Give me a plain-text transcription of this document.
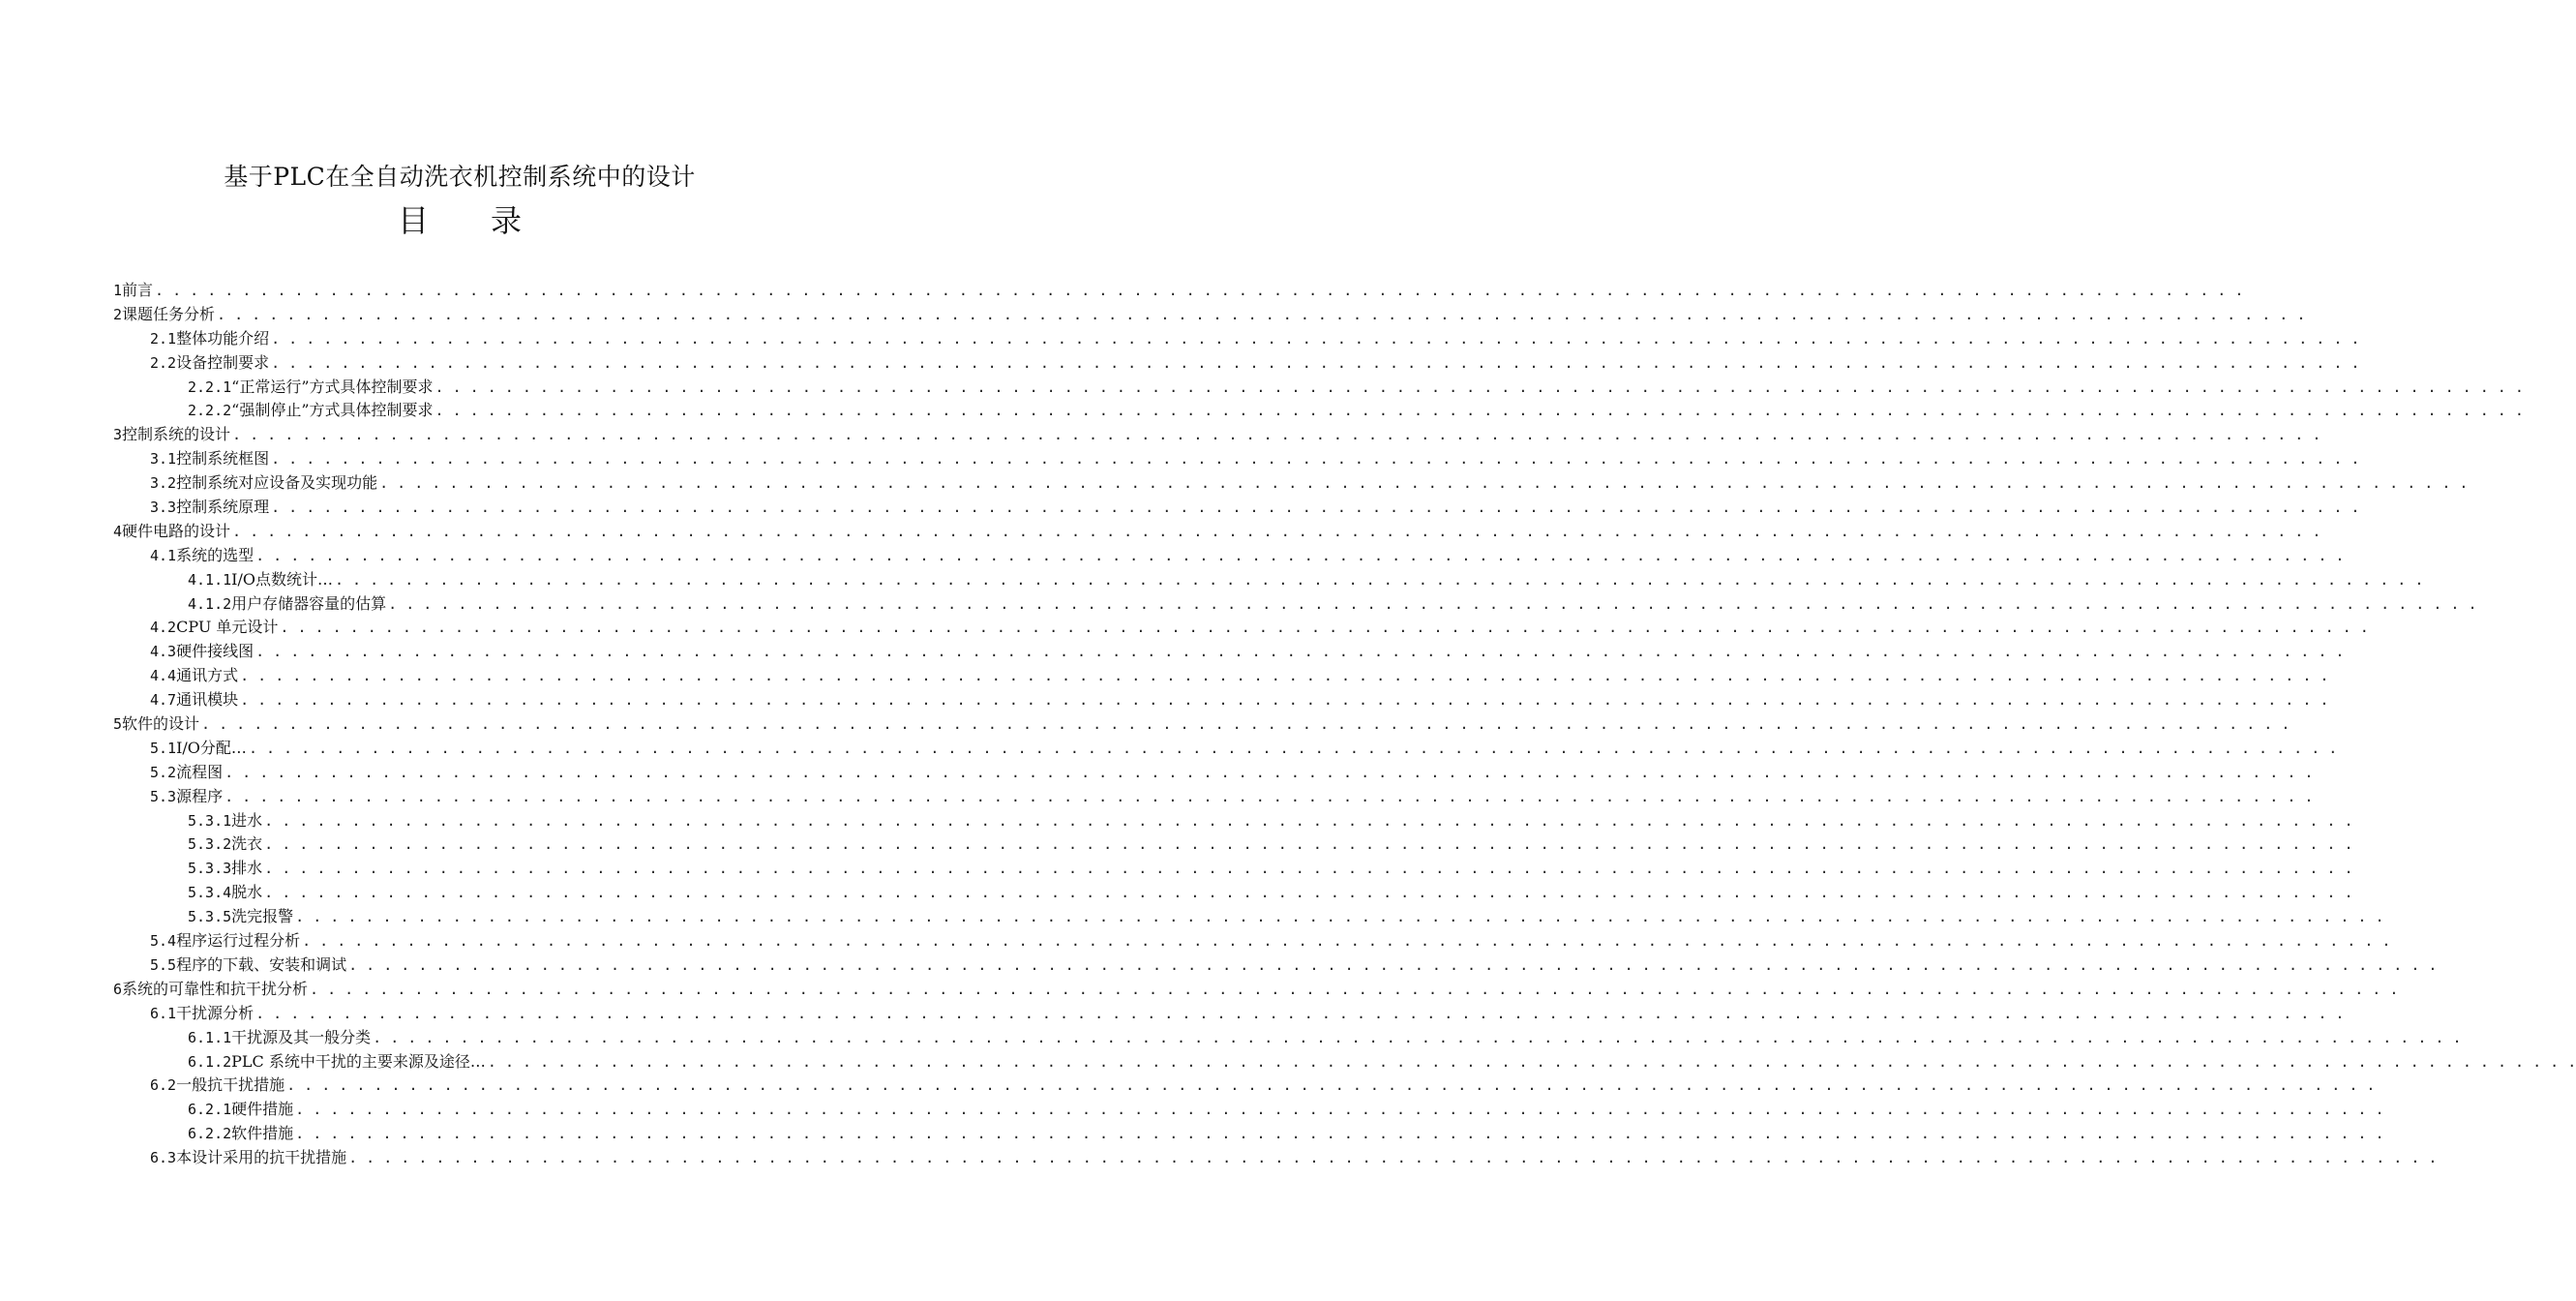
基于PLC在全自动洗衣机控制系统中的设计
目 录
1 前言 . . . . . . . . . . . . . . . . . . . . . . . . . . . . . . . . . . . . . . . . . . . . . . . . . . . . . . . . . . . . . . . . . . . . . . . . . . . . . . . . . . . . . . . . . . . . . . . . . . . . . . . . . . . . . . . . . . . . . . . .
2 课题任务分析 . . . . . . . . . . . . . . . . . . . . . . . . . . . . . . . . . . . . . . . . . . . . . . . . . . . . . . . . . . . . . . . . . . . . . . . . . . . . . . . . . . . . . . . . . . . . . . . . . . . . . . . . . . . . . . . . . . . . . . . .
2.1 整体功能介绍 . . . . . . . . . . . . . . . . . . . . . . . . . . . . . . . . . . . . . . . . . . . . . . . . . . . . . . . . . . . . . . . . . . . . . . . . . . . . . . . . . . . . . . . . . . . . . . . . . . . . . . . . . . . . . . . . . . . . . . . .
2.2 设备控制要求 . . . . . . . . . . . . . . . . . . . . . . . . . . . . . . . . . . . . . . . . . . . . . . . . . . . . . . . . . . . . . . . . . . . . . . . . . . . . . . . . . . . . . . . . . . . . . . . . . . . . . . . . . . . . . . . . . . . . . . . .
2.2.1 “正常运行”方式具体控制要求 . . . . . . . . . . . . . . . . . . . . . . . . . . . . . . . . . . . . . . . . . . . . . . . . . . . . . . . . . . . . . . . . . . . . . . . . . . . . . . . . . . . . . . . . . . . . . . . . . . . . . . . . . . . . . . . . . . . . . . . .
2.2.2 “强制停止”方式具体控制要求 . . . . . . . . . . . . . . . . . . . . . . . . . . . . . . . . . . . . . . . . . . . . . . . . . . . . . . . . . . . . . . . . . . . . . . . . . . . . . . . . . . . . . . . . . . . . . . . . . . . . . . . . . . . . . . . . . . . . . . . .
3 控制系统的设计 . . . . . . . . . . . . . . . . . . . . . . . . . . . . . . . . . . . . . . . . . . . . . . . . . . . . . . . . . . . . . . . . . . . . . . . . . . . . . . . . . . . . . . . . . . . . . . . . . . . . . . . . . . . . . . . . . . . . . . . .
3.1 控制系统框图 . . . . . . . . . . . . . . . . . . . . . . . . . . . . . . . . . . . . . . . . . . . . . . . . . . . . . . . . . . . . . . . . . . . . . . . . . . . . . . . . . . . . . . . . . . . . . . . . . . . . . . . . . . . . . . . . . . . . . . . .
3.2 控制系统对应设备及实现功能 . . . . . . . . . . . . . . . . . . . . . . . . . . . . . . . . . . . . . . . . . . . . . . . . . . . . . . . . . . . . . . . . . . . . . . . . . . . . . . . . . . . . . . . . . . . . . . . . . . . . . . . . . . . . . . . . . . . . . . . .
3.3 控制系统原理 . . . . . . . . . . . . . . . . . . . . . . . . . . . . . . . . . . . . . . . . . . . . . . . . . . . . . . . . . . . . . . . . . . . . . . . . . . . . . . . . . . . . . . . . . . . . . . . . . . . . . . . . . . . . . . . . . . . . . . . .
4 硬件电路的设计 . . . . . . . . . . . . . . . . . . . . . . . . . . . . . . . . . . . . . . . . . . . . . . . . . . . . . . . . . . . . . . . . . . . . . . . . . . . . . . . . . . . . . . . . . . . . . . . . . . . . . . . . . . . . . . . . . . . . . . . .
4.1 系统的选型 . . . . . . . . . . . . . . . . . . . . . . . . . . . . . . . . . . . . . . . . . . . . . . . . . . . . . . . . . . . . . . . . . . . . . . . . . . . . . . . . . . . . . . . . . . . . . . . . . . . . . . . . . . . . . . . . . . . . . . . .
4.1.1 I/O点数统计… . . . . . . . . . . . . . . . . . . . . . . . . . . . . . . . . . . . . . . . . . . . . . . . . . . . . . . . . . . . . . . . . . . . . . . . . . . . . . . . . . . . . . . . . . . . . . . . . . . . . . . . . . . . . . . . . . . . . . . . .
4.1.2 用户存储器容量的估算 . . . . . . . . . . . . . . . . . . . . . . . . . . . . . . . . . . . . . . . . . . . . . . . . . . . . . . . . . . . . . . . . . . . . . . . . . . . . . . . . . . . . . . . . . . . . . . . . . . . . . . . . . . . . . . . . . . . . . . . .
4.2 CPU 单元设计 . . . . . . . . . . . . . . . . . . . . . . . . . . . . . . . . . . . . . . . . . . . . . . . . . . . . . . . . . . . . . . . . . . . . . . . . . . . . . . . . . . . . . . . . . . . . . . . . . . . . . . . . . . . . . . . . . . . . . . . .
4.3 硬件接线图 . . . . . . . . . . . . . . . . . . . . . . . . . . . . . . . . . . . . . . . . . . . . . . . . . . . . . . . . . . . . . . . . . . . . . . . . . . . . . . . . . . . . . . . . . . . . . . . . . . . . . . . . . . . . . . . . . . . . . . . .
4.4 通讯方式 . . . . . . . . . . . . . . . . . . . . . . . . . . . . . . . . . . . . . . . . . . . . . . . . . . . . . . . . . . . . . . . . . . . . . . . . . . . . . . . . . . . . . . . . . . . . . . . . . . . . . . . . . . . . . . . . . . . . . . . .
4.7 通讯模块 . . . . . . . . . . . . . . . . . . . . . . . . . . . . . . . . . . . . . . . . . . . . . . . . . . . . . . . . . . . . . . . . . . . . . . . . . . . . . . . . . . . . . . . . . . . . . . . . . . . . . . . . . . . . . . . . . . . . . . . .
5 软件的设计 . . . . . . . . . . . . . . . . . . . . . . . . . . . . . . . . . . . . . . . . . . . . . . . . . . . . . . . . . . . . . . . . . . . . . . . . . . . . . . . . . . . . . . . . . . . . . . . . . . . . . . . . . . . . . . . . . . . . . . . .
5.1 I/O分配… . . . . . . . . . . . . . . . . . . . . . . . . . . . . . . . . . . . . . . . . . . . . . . . . . . . . . . . . . . . . . . . . . . . . . . . . . . . . . . . . . . . . . . . . . . . . . . . . . . . . . . . . . . . . . . . . . . . . . . . .
5.2 流程图 . . . . . . . . . . . . . . . . . . . . . . . . . . . . . . . . . . . . . . . . . . . . . . . . . . . . . . . . . . . . . . . . . . . . . . . . . . . . . . . . . . . . . . . . . . . . . . . . . . . . . . . . . . . . . . . . . . . . . . . .
5.3 源程序 . . . . . . . . . . . . . . . . . . . . . . . . . . . . . . . . . . . . . . . . . . . . . . . . . . . . . . . . . . . . . . . . . . . . . . . . . . . . . . . . . . . . . . . . . . . . . . . . . . . . . . . . . . . . . . . . . . . . . . . .
5.3.1 进水 . . . . . . . . . . . . . . . . . . . . . . . . . . . . . . . . . . . . . . . . . . . . . . . . . . . . . . . . . . . . . . . . . . . . . . . . . . . . . . . . . . . . . . . . . . . . . . . . . . . . . . . . . . . . . . . . . . . . . . . .
5.3.2 洗衣 . . . . . . . . . . . . . . . . . . . . . . . . . . . . . . . . . . . . . . . . . . . . . . . . . . . . . . . . . . . . . . . . . . . . . . . . . . . . . . . . . . . . . . . . . . . . . . . . . . . . . . . . . . . . . . . . . . . . . . . .
5.3.3 排水 . . . . . . . . . . . . . . . . . . . . . . . . . . . . . . . . . . . . . . . . . . . . . . . . . . . . . . . . . . . . . . . . . . . . . . . . . . . . . . . . . . . . . . . . . . . . . . . . . . . . . . . . . . . . . . . . . . . . . . . .
5.3.4 脱水 . . . . . . . . . . . . . . . . . . . . . . . . . . . . . . . . . . . . . . . . . . . . . . . . . . . . . . . . . . . . . . . . . . . . . . . . . . . . . . . . . . . . . . . . . . . . . . . . . . . . . . . . . . . . . . . . . . . . . . . .
5.3.5 洗完报警 . . . . . . . . . . . . . . . . . . . . . . . . . . . . . . . . . . . . . . . . . . . . . . . . . . . . . . . . . . . . . . . . . . . . . . . . . . . . . . . . . . . . . . . . . . . . . . . . . . . . . . . . . . . . . . . . . . . . . . . .
5.4 程序运行过程分析 . . . . . . . . . . . . . . . . . . . . . . . . . . . . . . . . . . . . . . . . . . . . . . . . . . . . . . . . . . . . . . . . . . . . . . . . . . . . . . . . . . . . . . . . . . . . . . . . . . . . . . . . . . . . . . . . . . . . . . . .
5.5 程序的下载、安装和调试 . . . . . . . . . . . . . . . . . . . . . . . . . . . . . . . . . . . . . . . . . . . . . . . . . . . . . . . . . . . . . . . . . . . . . . . . . . . . . . . . . . . . . . . . . . . . . . . . . . . . . . . . . . . . . . . . . . . . . . . .
6 系统的可靠性和抗干扰分析 . . . . . . . . . . . . . . . . . . . . . . . . . . . . . . . . . . . . . . . . . . . . . . . . . . . . . . . . . . . . . . . . . . . . . . . . . . . . . . . . . . . . . . . . . . . . . . . . . . . . . . . . . . . . . . . . . . . . . . . .
6.1 干扰源分析 . . . . . . . . . . . . . . . . . . . . . . . . . . . . . . . . . . . . . . . . . . . . . . . . . . . . . . . . . . . . . . . . . . . . . . . . . . . . . . . . . . . . . . . . . . . . . . . . . . . . . . . . . . . . . . . . . . . . . . . .
6.1.1 干扰源及其一般分类 . . . . . . . . . . . . . . . . . . . . . . . . . . . . . . . . . . . . . . . . . . . . . . . . . . . . . . . . . . . . . . . . . . . . . . . . . . . . . . . . . . . . . . . . . . . . . . . . . . . . . . . . . . . . . . . . . . . . . . . .
6.1.2 PLC 系统中干扰的主要来源及途径… . . . . . . . . . . . . . . . . . . . . . . . . . . . . . . . . . . . . . . . . . . . . . . . . . . . . . . . . . . . . . . . . . . . . . . . . . . . . . . . . . . . . . . . . . . . . . . . . . . . . . . . . . . . . . . . . . . . . . . . .
6.2 一般抗干扰措施 . . . . . . . . . . . . . . . . . . . . . . . . . . . . . . . . . . . . . . . . . . . . . . . . . . . . . . . . . . . . . . . . . . . . . . . . . . . . . . . . . . . . . . . . . . . . . . . . . . . . . . . . . . . . . . . . . . . . . . . .
6.2.1 硬件措施 . . . . . . . . . . . . . . . . . . . . . . . . . . . . . . . . . . . . . . . . . . . . . . . . . . . . . . . . . . . . . . . . . . . . . . . . . . . . . . . . . . . . . . . . . . . . . . . . . . . . . . . . . . . . . . . . . . . . . . . .
6.2.2 软件措施 . . . . . . . . . . . . . . . . . . . . . . . . . . . . . . . . . . . . . . . . . . . . . . . . . . . . . . . . . . . . . . . . . . . . . . . . . . . . . . . . . . . . . . . . . . . . . . . . . . . . . . . . . . . . . . . . . . . . . . . .
6.3 本设计采用的抗干扰措施 . . . . . . . . . . . . . . . . . . . . . . . . . . . . . . . . . . . . . . . . . . . . . . . . . . . . . . . . . . . . . . . . . . . . . . . . . . . . . . . . . . . . . . . . . . . . . . . . . . . . . . . . . . . . . . . . . . . . . . . .
